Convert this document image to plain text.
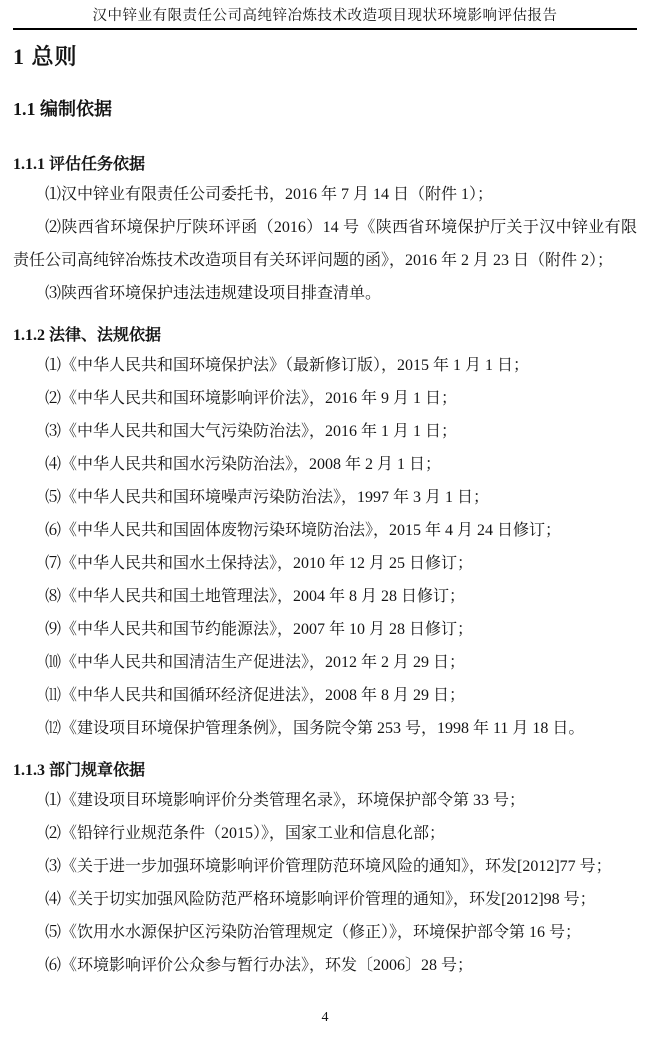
汉中锌业有限责任公司高纯锌冶炼技术改造项目现状环境影响评估报告
1 总则
1.1 编制依据
1.1.1 评估任务依据

⑴汉中锌业有限责任公司委托书，2016 年 7 月 14 日（附件 1）；

⑵陕西省环境保护厅陕环评函（2016）14 号《陕西省环境保护厅关于汉中锌业有限责任公司高纯锌冶炼技术改造项目有关环评问题的函》，2016 年 2 月 23 日（附件 2）；

⑶陕西省环境保护违法违规建设项目排查清单。

1.1.2 法律、法规依据

⑴《中华人民共和国环境保护法》（最新修订版），2015 年 1 月 1 日；

⑵《中华人民共和国环境影响评价法》，2016 年 9 月 1 日；

⑶《中华人民共和国大气污染防治法》，2016 年 1 月 1 日；

⑷《中华人民共和国水污染防治法》，2008 年 2 月 1 日；

⑸《中华人民共和国环境噪声污染防治法》，1997 年 3 月 1 日；

⑹《中华人民共和国固体废物污染环境防治法》，2015 年 4 月 24 日修订；

⑺《中华人民共和国水土保持法》，2010 年 12 月 25 日修订；

⑻《中华人民共和国土地管理法》，2004 年 8 月 28 日修订；

⑼《中华人民共和国节约能源法》，2007 年 10 月 28 日修订；

⑽《中华人民共和国清洁生产促进法》，2012 年 2 月 29 日；

⑾《中华人民共和国循环经济促进法》，2008 年 8 月 29 日；

⑿《建设项目环境保护管理条例》，国务院令第 253 号，1998 年 11 月 18 日。

1.1.3 部门规章依据

⑴《建设项目环境影响评价分类管理名录》，环境保护部令第 33 号；

⑵《铅锌行业规范条件（2015）》，国家工业和信息化部；

⑶《关于进一步加强环境影响评价管理防范环境风险的通知》，环发[2012]77 号；

⑷《关于切实加强风险防范严格环境影响评价管理的通知》，环发[2012]98 号；

⑸《饮用水水源保护区污染防治管理规定（修正）》，环境保护部令第 16 号；

⑹《环境影响评价公众参与暂行办法》，环发〔2006〕28 号；

4
